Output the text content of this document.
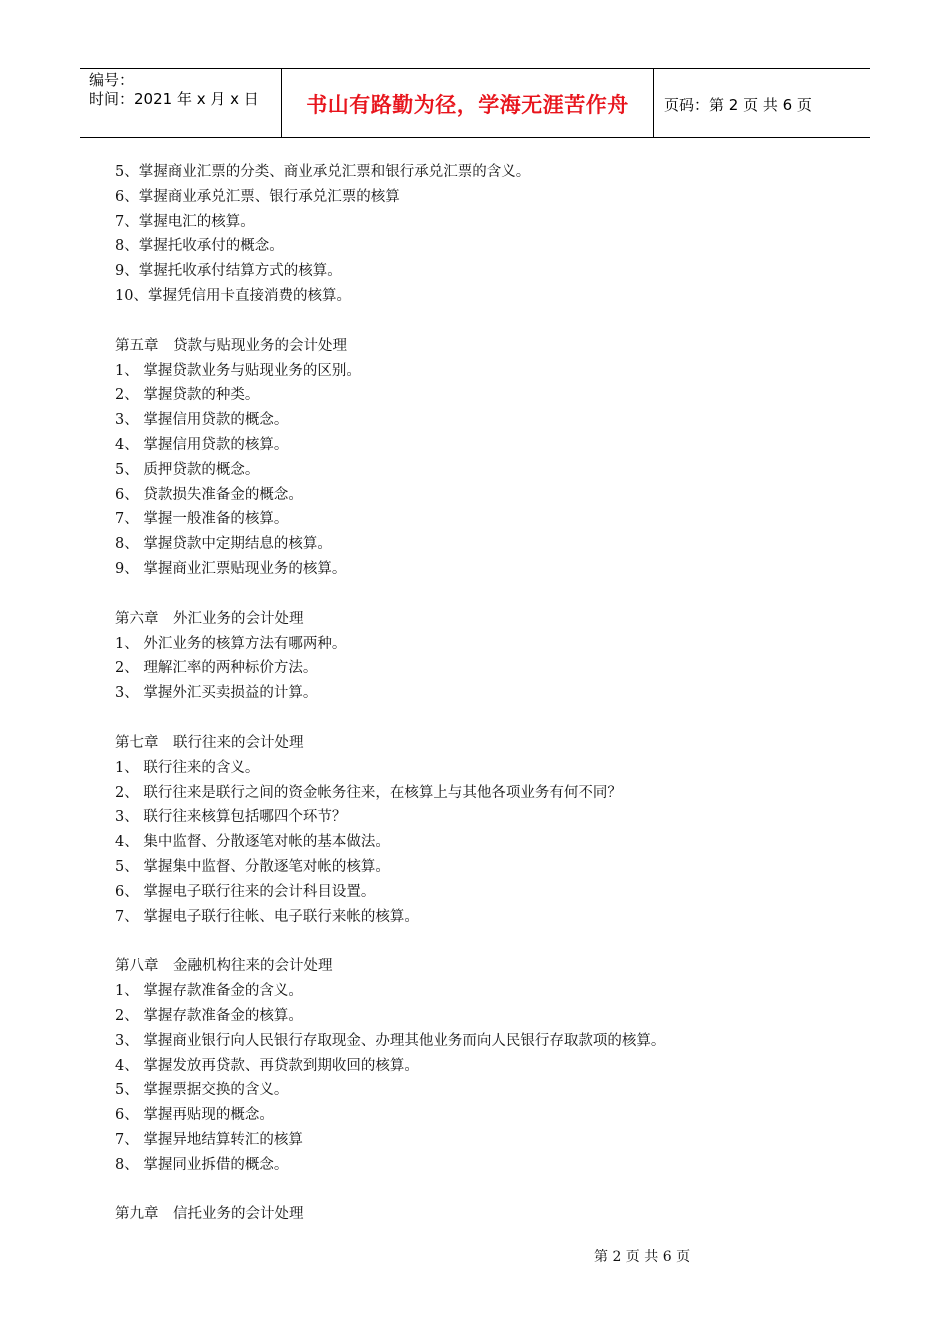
编号：
时间：2021 年 x 月 x 日	书山有路勤为径，学海无涯苦作舟 页码：第 2 页 共 6 页
5、掌握商业汇票的分类、商业承兑汇票和银行承兑汇票的含义。
6、掌握商业承兑汇票、银行承兑汇票的核算
7、掌握电汇的核算。
8、掌握托收承付的概念。
9、掌握托收承付结算方式的核算。
10、掌握凭信用卡直接消费的核算。
第五章　贷款与贴现业务的会计处理
1、 掌握贷款业务与贴现业务的区别。
2、 掌握贷款的种类。
3、 掌握信用贷款的概念。
4、 掌握信用贷款的核算。
5、 质押贷款的概念。
6、 贷款损失准备金的概念。
7、 掌握一般准备的核算。
8、 掌握贷款中定期结息的核算。
9、 掌握商业汇票贴现业务的核算。
第六章　外汇业务的会计处理
1、 外汇业务的核算方法有哪两种。
2、 理解汇率的两种标价方法。
3、 掌握外汇买卖损益的计算。
第七章　联行往来的会计处理
1、 联行往来的含义。
2、 联行往来是联行之间的资金帐务往来，在核算上与其他各项业务有何不同？
3、 联行往来核算包括哪四个环节？
4、 集中监督、分散逐笔对帐的基本做法。
5、 掌握集中监督、分散逐笔对帐的核算。
6、 掌握电子联行往来的会计科目设置。
7、 掌握电子联行往帐、电子联行来帐的核算。
第八章　金融机构往来的会计处理
1、 掌握存款准备金的含义。
2、 掌握存款准备金的核算。
3、 掌握商业银行向人民银行存取现金、办理其他业务而向人民银行存取款项的核算。
4、 掌握发放再贷款、再贷款到期收回的核算。
5、 掌握票据交换的含义。
6、 掌握再贴现的概念。
7、 掌握异地结算转汇的核算
8、 掌握同业拆借的概念。
第九章　信托业务的会计处理
第 2 页 共 6 页
